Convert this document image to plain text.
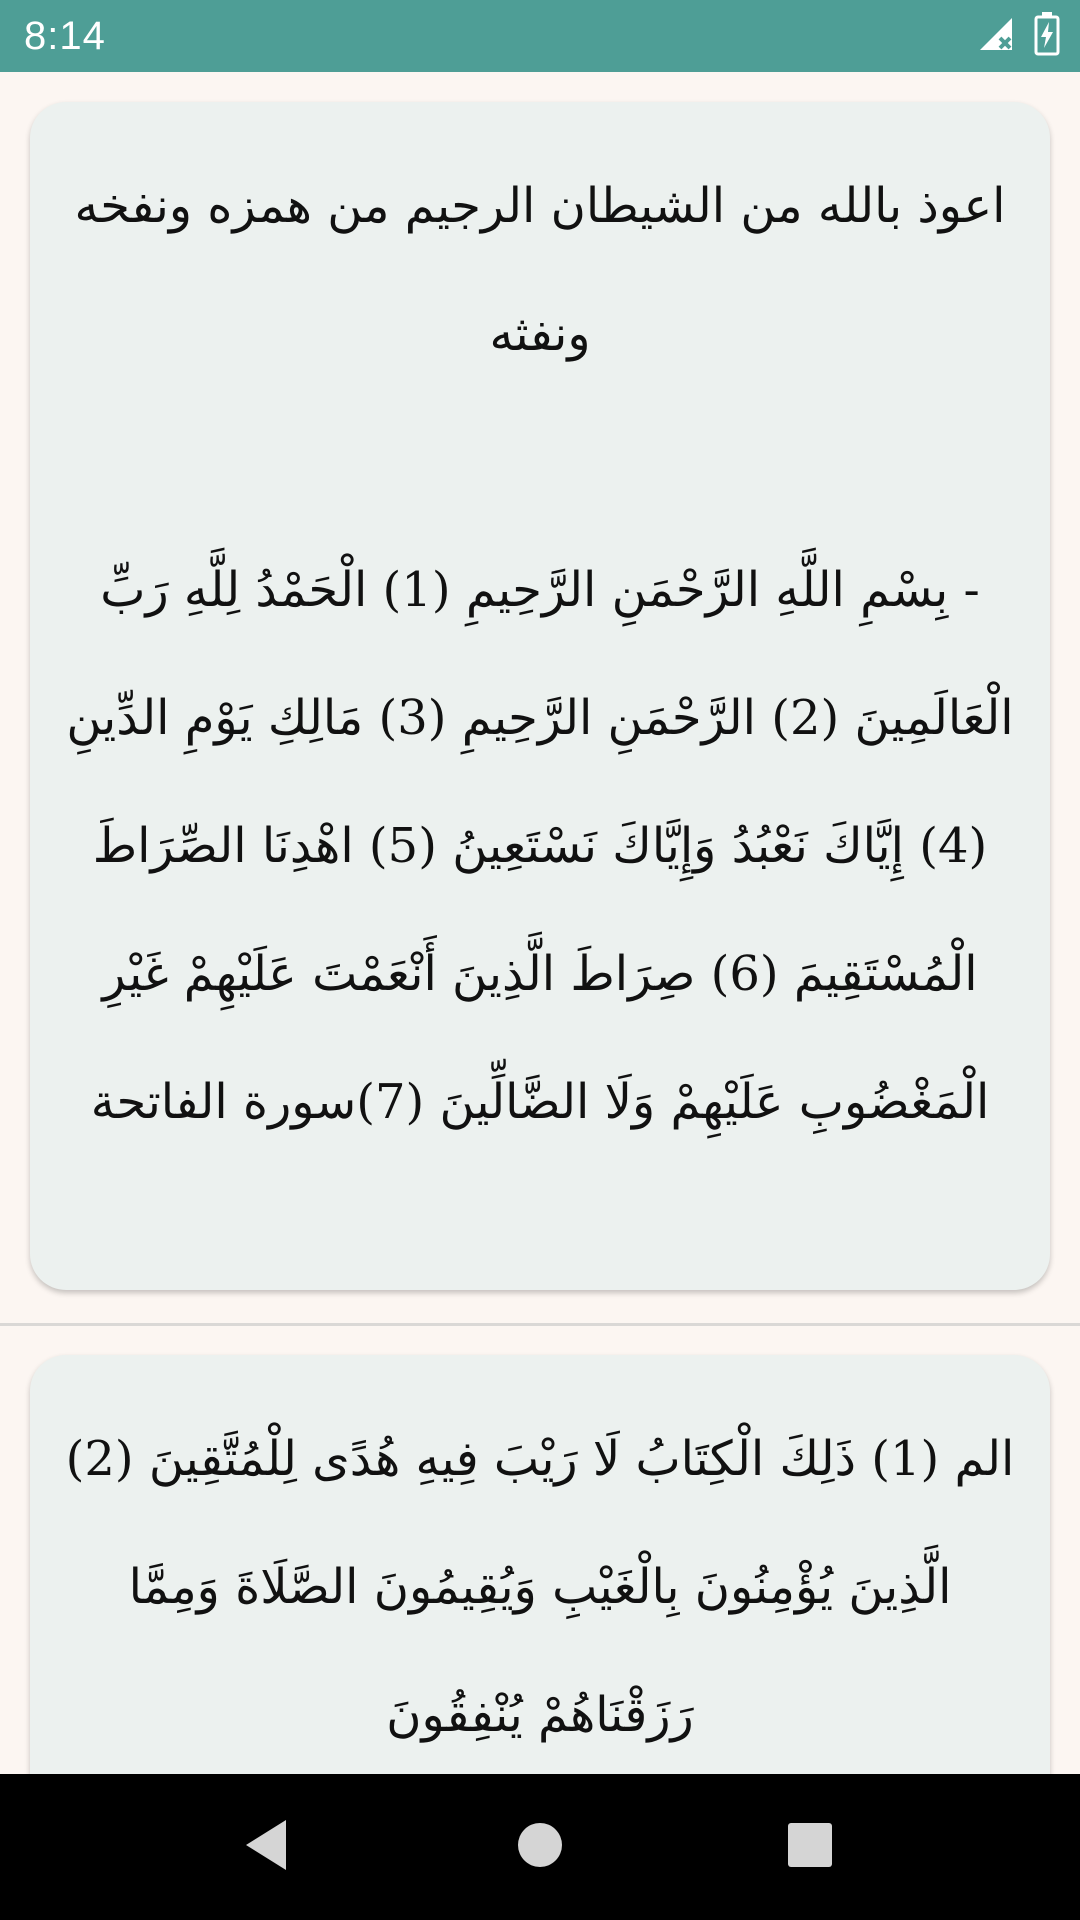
8:14

اعوذ بالله من الشيطان الرجيم من همزه ونفخه ونفثه

- بِسْمِ اللَّهِ الرَّحْمَنِ الرَّحِيمِ (1) الْحَمْدُ لِلَّهِ رَبِّ الْعَالَمِينَ (2) الرَّحْمَنِ الرَّحِيمِ (3) مَالِكِ يَوْمِ الدِّينِ (4) إِيَّاكَ نَعْبُدُ وَإِيَّاكَ نَسْتَعِينُ (5) اهْدِنَا الصِّرَاطَ الْمُسْتَقِيمَ (6) صِرَاطَ الَّذِينَ أَنْعَمْتَ عَلَيْهِمْ غَيْرِ الْمَغْضُوبِ عَلَيْهِمْ وَلَا الضَّالِّينَ (7)سورة الفاتحة

الم (1) ذَلِكَ الْكِتَابُ لَا رَيْبَ فِيهِ هُدًى لِلْمُتَّقِينَ (2) الَّذِينَ يُؤْمِنُونَ بِالْغَيْبِ وَيُقِيمُونَ الصَّلَاةَ وَمِمَّا رَزَقْنَاهُمْ يُنْفِقُونَ
